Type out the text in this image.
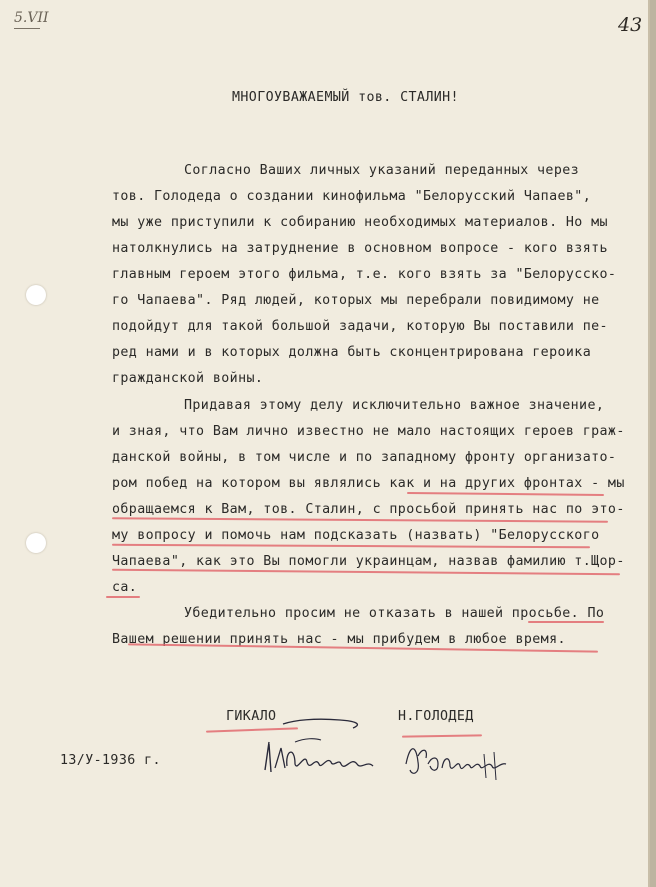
5.VII	43
МНОГОУВАЖАЕМЫЙ тов. СТАЛИН!
Согласно Ваших личных указаний переданных через
тов. Голодеда о создании кинофильма "Белорусский Чапаев",
мы уже приступили к собиранию необходимых материалов. Но мы
натолкнулись на затруднение в основном вопросе - кого взять
главным героем этого фильма, т.е. кого взять за "Белорусско-
го Чапаева". Ряд людей, которых мы перебрали повидимому не
подойдут для такой большой задачи, которую Вы поставили пе-
ред нами и в которых должна быть сконцентрирована героика
гражданской войны.
Придавая этому делу исключительно важное значение,
и зная, что Вам лично известно не мало настоящих героев граж-
данской войны, в том числе и по западному фронту организато-
ром побед на котором вы являлись как и на других фронтах - мы
обращаемся к Вам, тов. Сталин, с просьбой принять нас по это-
му вопросу и помочь нам подсказать (назвать) "Белорусского
Чапаева", как это Вы помогли украинцам, назвав фамилию т.Щор-
са.
Убедительно просим не отказать в нашей просьбе. По
Вашем решении принять нас - мы прибудем в любое время.
ГИКАЛО	Н.ГОЛОДЕД
13/У-1936 г.
